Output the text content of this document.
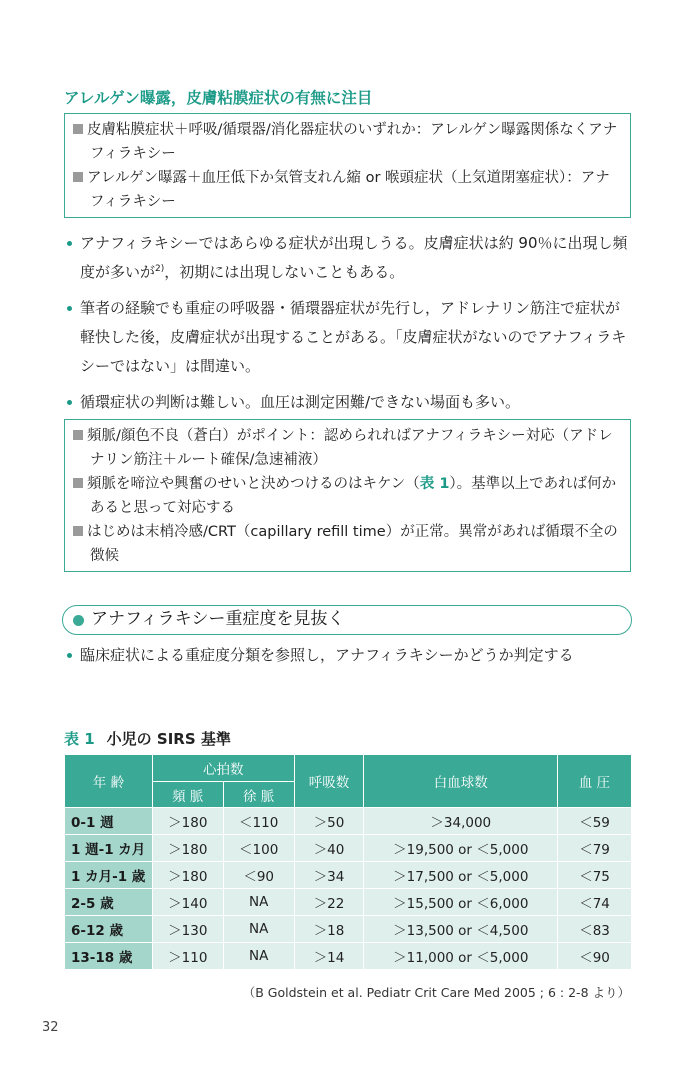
アレルゲン曝露，皮膚粘膜症状の有無に注目
皮膚粘膜症状＋呼吸/循環器/消化器症状のいずれか：アレルゲン曝露関係なくアナフィラキシー
アレルゲン曝露＋血圧低下か気管支れん縮 or 喉頭症状（上気道閉塞症状）：アナフィラキシー
アナフィラキシーではあらゆる症状が出現しうる。皮膚症状は約 90％に出現し頻度が多いが$^{2)}$，初期には出現しないこともある。
筆者の経験でも重症の呼吸器・循環器症状が先行し，アドレナリン筋注で症状が軽快した後，皮膚症状が出現することがある。「皮膚症状がないのでアナフィラキシーではない」は間違い。
循環症状の判断は難しい。血圧は測定困難/できない場面も多い。
頻脈/顔色不良（蒼白）がポイント：認められればアナフィラキシー対応（アドレナリン筋注＋ルート確保/急速補液）
頻脈を啼泣や興奮のせいと決めつけるのはキケン（表 1）。基準以上であれば何かあると思って対応する
はじめは末梢冷感/CRT（capillary refill time）が正常。異常があれば循環不全の徴候
アナフィラキシー重症度を見抜く
臨床症状による重症度分類を参照し，アナフィラキシーかどうか判定する
表 1 小児の SIRS 基準
年 齢	心拍数		呼吸数	白血球数	血 圧
	頻 脈	徐 脈			
0-1 週	＞180	＜110	＞50	＞34,000	＜59
1 週-1 カ月	＞180	＜100	＞40	＞19,500 or ＜5,000	＜79
1 カ月-1 歳	＞180	＜90	＞34	＞17,500 or ＜5,000	＜75
2-5 歳	＞140	NA	＞22	＞15,500 or ＜6,000	＜74
6-12 歳	＞130	NA	＞18	＞13,500 or ＜4,500	＜83
13-18 歳	＞110	NA	＞14	＞11,000 or ＜5,000	＜90
（B Goldstein et al. Pediatr Crit Care Med 2005 ; 6 : 2-8 より）
32
